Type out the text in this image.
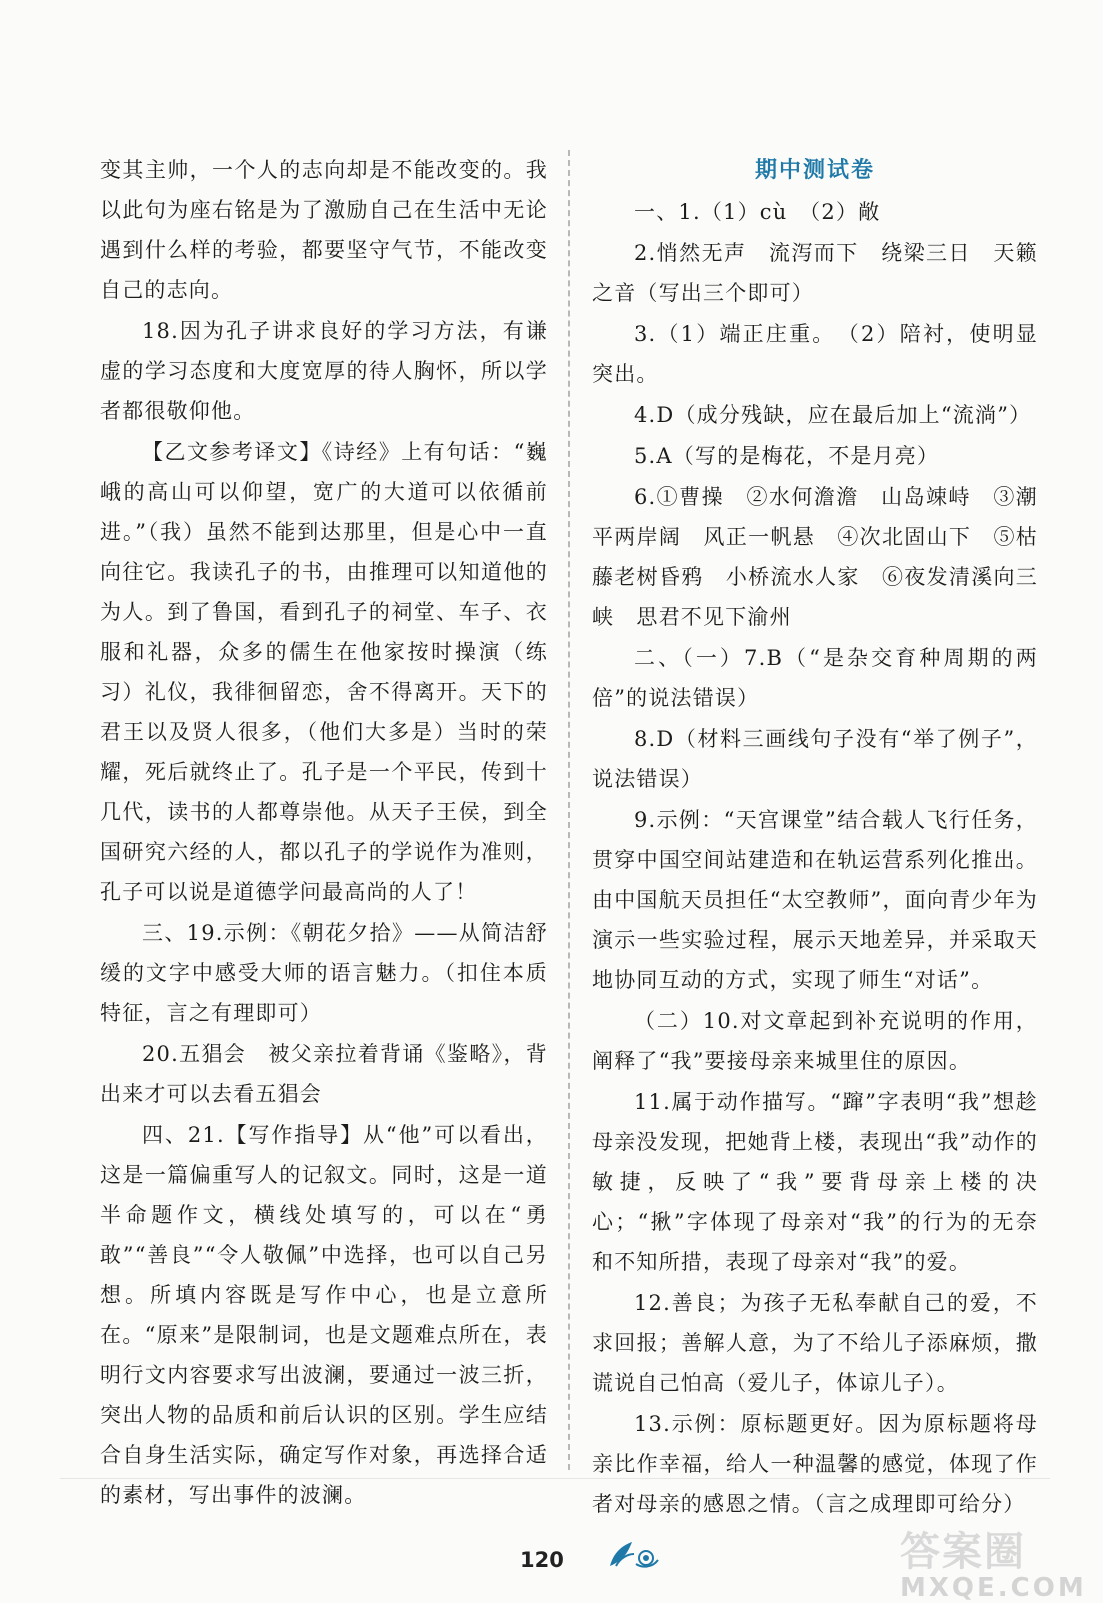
变其主帅，一个人的志向却是不能改变的。我以此句为座右铭是为了激励自己在生活中无论遇到什么样的考验，都要坚守气节，不能改变自己的志向。

18.因为孔子讲求良好的学习方法，有谦虚的学习态度和大度宽厚的待人胸怀，所以学者都很敬仰他。

【乙文参考译文】《诗经》上有句话：“巍峨的高山可以仰望，宽广的大道可以依循前进。”（我）虽然不能到达那里，但是心中一直向往它。我读孔子的书，由推理可以知道他的为人。到了鲁国，看到孔子的祠堂、车子、衣服和礼器，众多的儒生在他家按时操演（练习）礼仪，我徘徊留恋，舍不得离开。天下的君王以及贤人很多，（他们大多是）当时的荣耀，死后就终止了。孔子是一个平民，传到十几代，读书的人都尊崇他。从天子王侯，到全国研究六经的人，都以孔子的学说作为准则，孔子可以说是道德学问最高尚的人了！

三、19.示例：《朝花夕拾》——从简洁舒缓的文字中感受大师的语言魅力。（扣住本质特征，言之有理即可）

20.五猖会　被父亲拉着背诵《鉴略》，背出来才可以去看五猖会

四、21.【写作指导】从“他”可以看出，这是一篇偏重写人的记叙文。同时，这是一道半命题作文，横线处填写的，可以在“勇敢”“善良”“令人敬佩”中选择，也可以自己另想。所填内容既是写作中心，也是立意所在。“原来”是限制词，也是文题难点所在，表明行文内容要求写出波澜，要通过一波三折，突出人物的品质和前后认识的区别。学生应结合自身生活实际，确定写作对象，再选择合适的素材，写出事件的波澜。

期中测试卷

一、1.（1）cù　（2）敞

2.悄然无声　流泻而下　绕梁三日　天籁之音（写出三个即可）

3.（1）端正庄重。　（2）陪衬，使明显突出。

4.D（成分残缺，应在最后加上“流淌”）

5.A（写的是梅花，不是月亮）

6.①曹操　②水何澹澹　山岛竦峙　③潮平两岸阔　风正一帆悬　④次北固山下　⑤枯藤老树昏鸦　小桥流水人家　⑥夜发清溪向三峡　思君不见下渝州

二、（一）7.B（“是杂交育种周期的两倍”的说法错误）

8.D（材料三画线句子没有“举了例子”，说法错误）

9.示例：“天宫课堂”结合载人飞行任务，贯穿中国空间站建造和在轨运营系列化推出。由中国航天员担任“太空教师”，面向青少年为演示一些实验过程，展示天地差异，并采取天地协同互动的方式，实现了师生“对话”。

（二）10.对文章起到补充说明的作用，阐释了“我”要接母亲来城里住的原因。

11.属于动作描写。“蹿”字表明“我”想趁母亲没发现，把她背上楼，表现出“我”动作的敏捷，反映了“我”要背母亲上楼的决心；“揪”字体现了母亲对“我”的行为的无奈和不知所措，表现了母亲对“我”的爱。

12.善良；为孩子无私奉献自己的爱，不求回报；善解人意，为了不给儿子添麻烦，撒谎说自己怕高（爱儿子，体谅儿子）。

13.示例：原标题更好。因为原标题将母亲比作幸福，给人一种温馨的感觉，体现了作者对母亲的感恩之情。（言之成理即可给分）

120	答案圈
MXQE.COM
